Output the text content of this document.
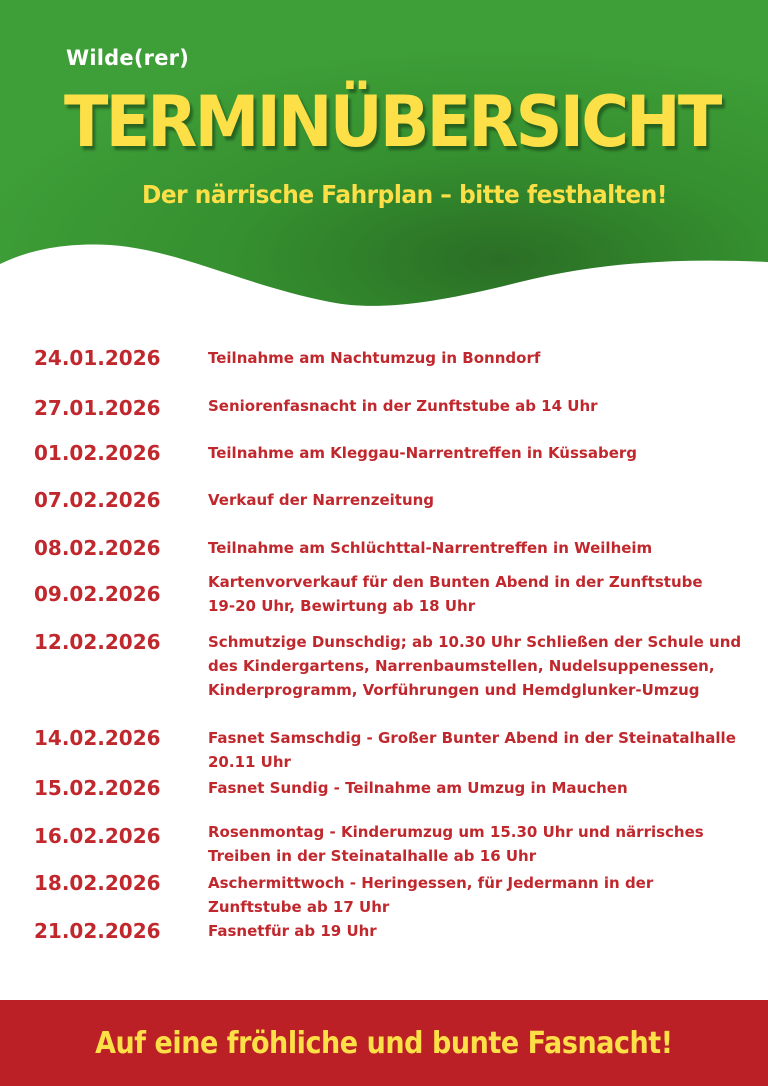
Wilde(rer)
TERMINÜBERSICHT
Der närrische Fahrplan – bitte festhalten!
24.01.2026	Teilnahme am Nachtumzug in Bonndorf
27.01.2026	Seniorenfasnacht in der Zunftstube ab 14 Uhr
01.02.2026	Teilnahme am Kleggau-Narrentreffen in Küssaberg
07.02.2026	Verkauf der Narrenzeitung
08.02.2026	Teilnahme am Schlüchttal-Narrentreffen in Weilheim
09.02.2026	Kartenvorverkauf für den Bunten Abend in der Zunftstube
19-20 Uhr, Bewirtung ab 18 Uhr
12.02.2026	Schmutzige Dunschdig; ab 10.30 Uhr Schließen der Schule und
des Kindergartens, Narrenbaumstellen, Nudelsuppenessen,
Kinderprogramm, Vorführungen und Hemdglunker-Umzug
14.02.2026	Fasnet Samschdig - Großer Bunter Abend in der Steinatalhalle
20.11 Uhr
15.02.2026	Fasnet Sundig - Teilnahme am Umzug in Mauchen
16.02.2026	Rosenmontag - Kinderumzug um 15.30 Uhr und närrisches
Treiben in der Steinatalhalle ab 16 Uhr
18.02.2026	Aschermittwoch - Heringessen, für Jedermann in der
Zunftstube ab 17 Uhr
21.02.2026	Fasnetfür ab 19 Uhr
Auf eine fröhliche und bunte Fasnacht!
